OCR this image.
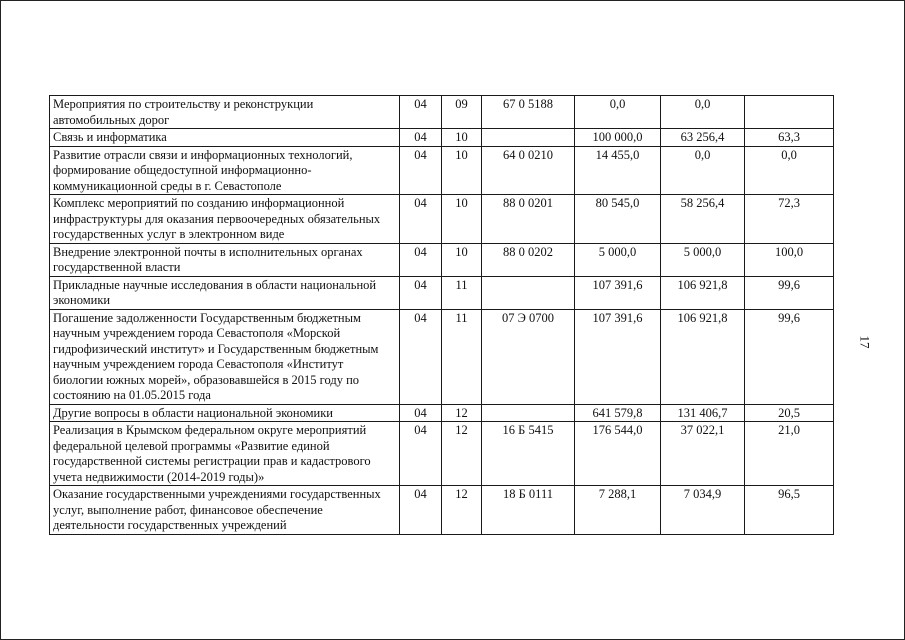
17
Мероприятия по строительству и реконструкции автомобильных дорог	04	09	67 0 5188	0,0	0,0	
Связь и информатика	04	10		100 000,0	63 256,4	63,3
Развитие отрасли связи и информационных технологий, формирование общедоступной информационно-коммуникационной среды в г. Севастополе	04	10	64 0 0210	14 455,0	0,0	0,0
Комплекс мероприятий по созданию информационной инфраструктуры для оказания первоочередных обязательных государственных услуг в электронном виде	04	10	88 0 0201	80 545,0	58 256,4	72,3
Внедрение электронной почты в исполнительных органах государственной власти	04	10	88 0 0202	5 000,0	5 000,0	100,0
Прикладные научные исследования в области национальной экономики	04	11		107 391,6	106 921,8	99,6
Погашение задолженности Государственным бюджетным научным учреждением города Севастополя «Морской гидрофизический институт» и Государственным бюджетным научным учреждением города Севастополя «Институт биологии южных морей», образовавшейся в 2015 году по состоянию на 01.05.2015 года	04	11	07 Э 0700	107 391,6	106 921,8	99,6
Другие вопросы в области национальной экономики	04	12		641 579,8	131 406,7	20,5
Реализация в Крымском федеральном округе мероприятий федеральной целевой программы «Развитие единой государственной системы регистрации прав и кадастрового учета недвижимости (2014-2019 годы)»	04	12	16 Б 5415	176 544,0	37 022,1	21,0
Оказание государственными учреждениями государственных услуг, выполнение работ, финансовое обеспечение деятельности государственных учреждений	04	12	18 Б 0111	7 288,1	7 034,9	96,5
